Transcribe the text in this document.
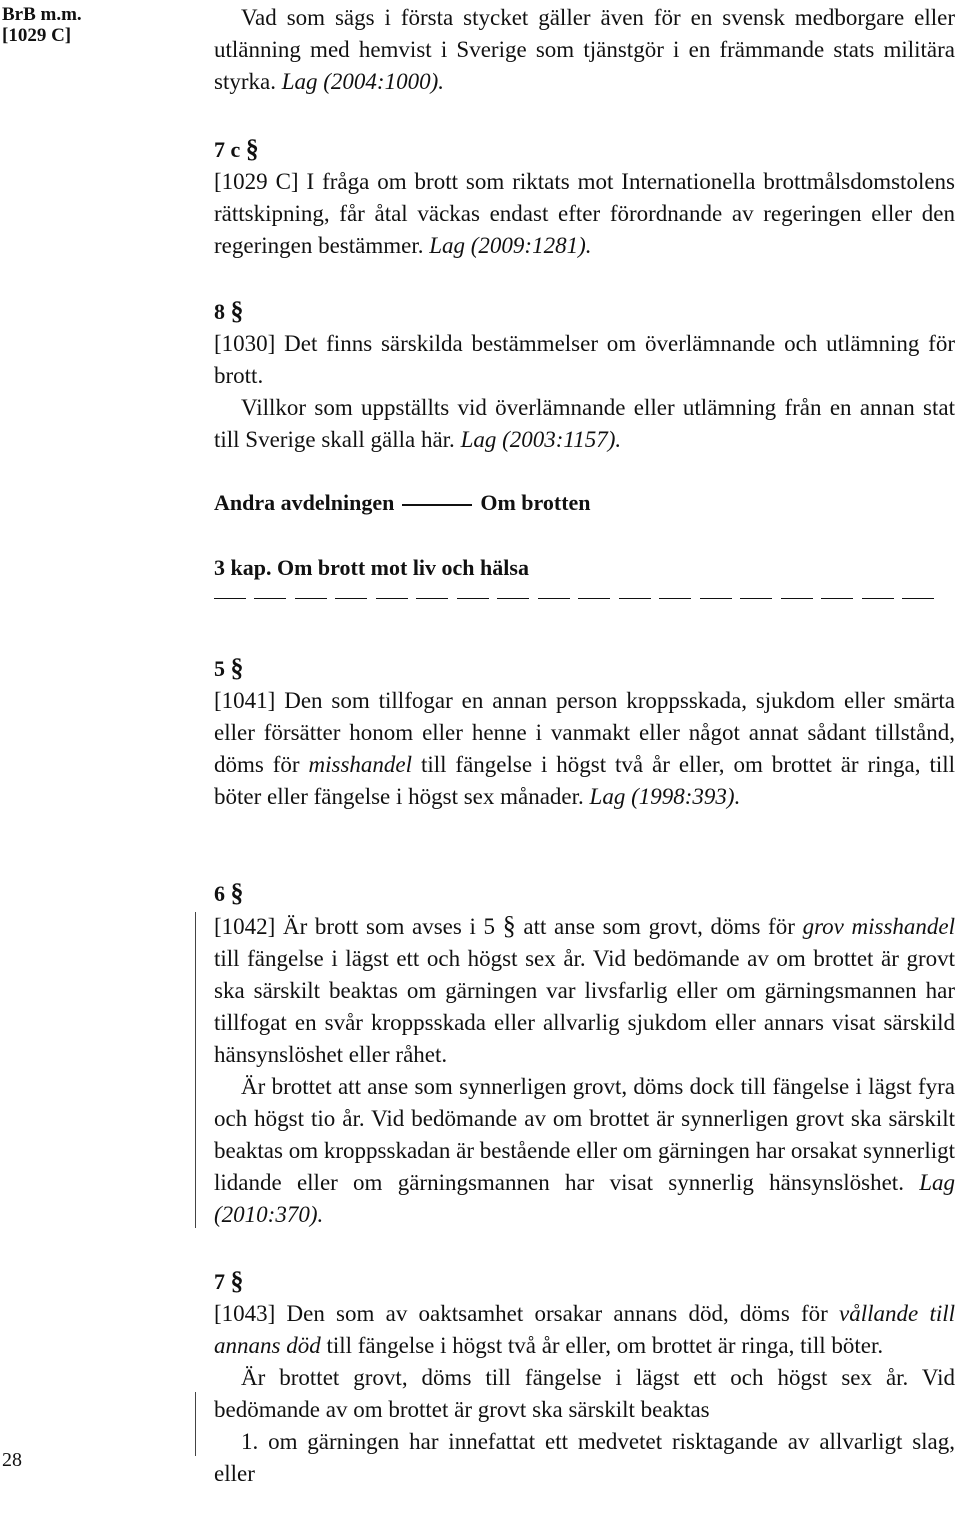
BrB m.m.
[1029 C]
Vad som sägs i första stycket gäller även för en svensk medborgare eller utlänning med hemvist i Sverige som tjänstgör i en främmande stats militära styrka. Lag (2004:1000).
7 c §

[1029 C] I fråga om brott som riktats mot Internationella brottmålsdomstolens rättskipning, får åtal väckas endast efter förordnande av regeringen eller den regeringen bestämmer. Lag (2009:1281).

8 §

[1030] Det finns särskilda bestämmelser om överlämnande och utlämning för brott.

Villkor som uppställts vid överlämnande eller utlämning från en annan stat till Sverige skall gälla här. Lag (2003:1157).

Andra avdelningen	Om brotten
3 kap. Om brott mot liv och hälsa
5 §

[1041] Den som tillfogar en annan person kroppsskada, sjukdom eller smärta eller försätter honom eller henne i vanmakt eller något annat sådant tillstånd, döms för misshandel till fängelse i högst två år eller, om brottet är ringa, till böter eller fängelse i högst sex månader. Lag (1998:393).

6 §

[1042] Är brott som avses i 5 § att anse som grovt, döms för grov misshandel till fängelse i lägst ett och högst sex år. Vid bedömande av om brottet är grovt ska särskilt beaktas om gärningen var livsfarlig eller om gärningsmannen har tillfogat en svår kroppsskada eller allvarlig sjukdom eller annars visat särskild hänsynslöshet eller råhet.

Är brottet att anse som synnerligen grovt, döms dock till fängelse i lägst fyra och högst tio år. Vid bedömande av om brottet är synnerligen grovt ska särskilt beaktas om kroppsskadan är bestående eller om gärningen har orsakat synnerligt lidande eller om gärningsmannen har visat synnerlig hänsynslöshet. Lag (2010:370).

7 §

[1043] Den som av oaktsamhet orsakar annans död, döms för vållande till annans död till fängelse i högst två år eller, om brottet är ringa, till böter.

Är brottet grovt, döms till fängelse i lägst ett och högst sex år. Vid bedömande av om brottet är grovt ska särskilt beaktas

1. om gärningen har innefattat ett medvetet risktagande av allvarligt slag, eller

28
